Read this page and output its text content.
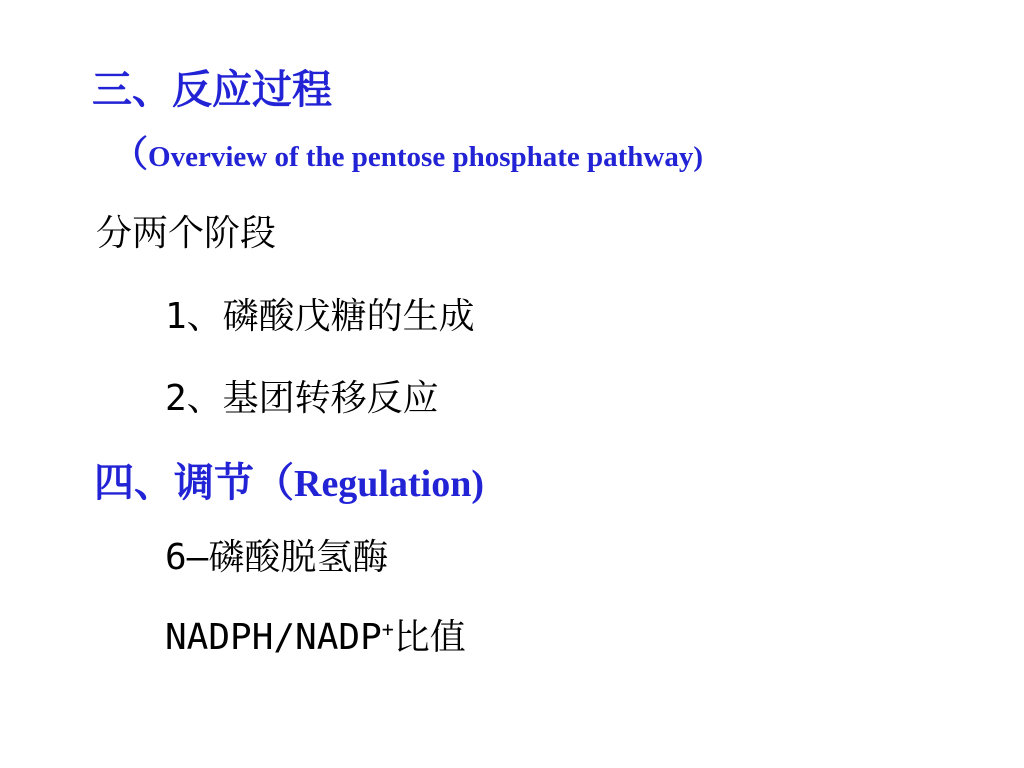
三、反应过程
（Overview of the pentose phosphate pathway)
分两个阶段
1、磷酸戊糖的生成
2、基团转移反应
四、调节（Regulation)
6—磷酸脱氢酶
NADPH/NADP+比值
